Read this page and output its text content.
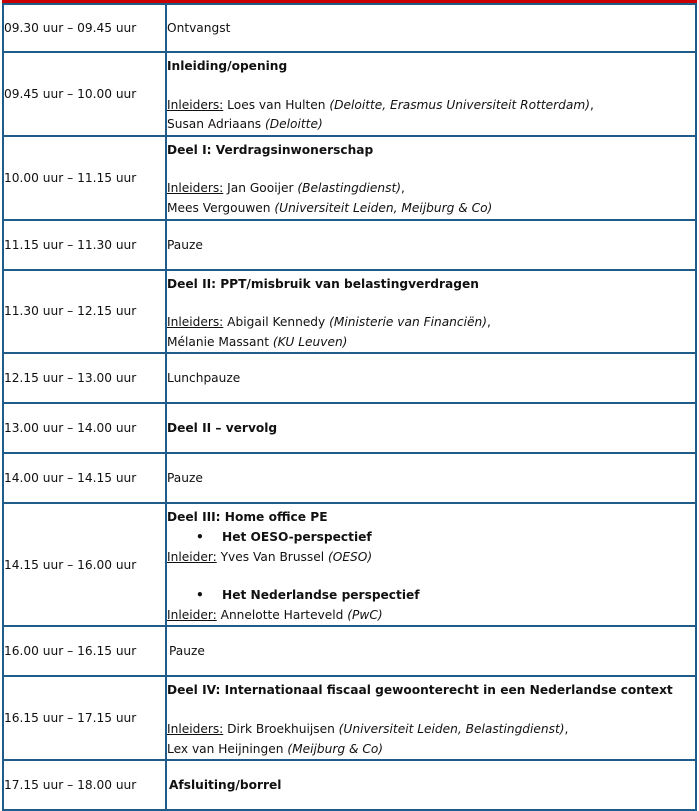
09.30 uur – 09.45 uur	Ontvangst
09.45 uur – 10.00 uur	Inleiding/opening
Inleiders: Loes van Hulten (Deloitte, Erasmus Universiteit Rotterdam),
Susan Adriaans (Deloitte)

10.00 uur – 11.15 uur	Deel I: Verdragsinwonerschap
Inleiders: Jan Gooijer (Belastingdienst),
Mees Vergouwen (Universiteit Leiden, Meijburg & Co)

11.15 uur – 11.30 uur	Pauze
11.30 uur – 12.15 uur	Deel II: PPT/misbruik van belastingverdragen
Inleiders: Abigail Kennedy (Ministerie van Financiën),
Mélanie Massant (KU Leuven)

12.15 uur – 13.00 uur	Lunchpauze
13.00 uur – 14.00 uur	Deel II – vervolg
14.00 uur – 14.15 uur	Pauze
14.15 uur – 16.00 uur	Deel III: Home office PE
• Het OESO-perspectief
Inleider: Yves Van Brussel (OESO)
• Het Nederlandse perspectief
Inleider: Annelotte Harteveld (PwC)

16.00 uur – 16.15 uur	Pauze
16.15 uur – 17.15 uur	Deel IV: Internationaal fiscaal gewoonterecht in een Nederlandse context
Inleiders: Dirk Broekhuijsen (Universiteit Leiden, Belastingdienst),
Lex van Heijningen (Meijburg & Co)

17.15 uur – 18.00 uur	Afsluiting/borrel
